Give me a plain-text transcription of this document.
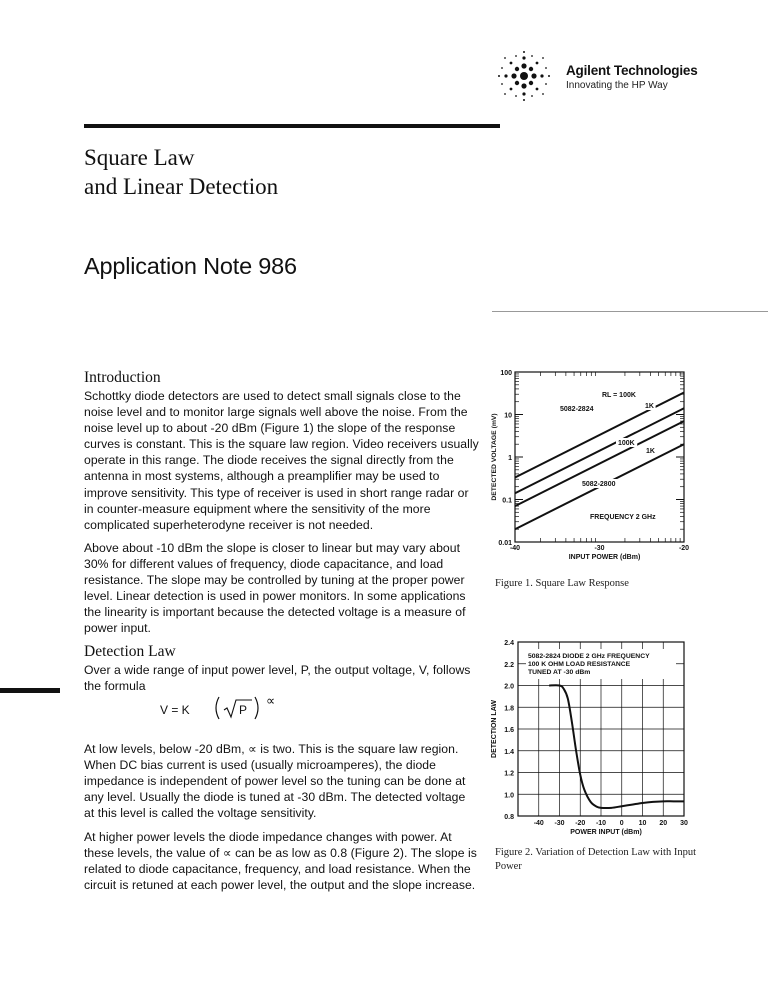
Agilent Technologies
Innovating the HP Way
Square Law
and Linear Detection
Application Note 986
Introduction
Schottky diode detectors are used to detect small signals close to the noise level and to monitor large signals well above the noise. From the noise level up to about -20 dBm (Figure 1) the slope of the response curves is constant. This is the square law region. Video receivers usually operate in this range. The diode receives the signal directly from the antenna in most systems, although a preamplifier may be used to improve sensitivity. This type of receiver is used in short range radar or in counter-measure equipment where the sensitivity of the more complicated superheterodyne receiver is not needed.
Above about -10 dBm the slope is closer to linear but may vary about 30% for different values of frequency, diode capacitance, and load resistance. The slope may be controlled by tuning at the proper power level. Linear detection is used in power monitors. In some applications the linearity is important because the detected voltage is a measure of power input.
Detection Law
Over a wide range of input power level, P, the output voltage, V, follows the formula
V = K	P
∝
At low levels, below -20 dBm, ∝ is two. This is the square law region. When DC bias current is used (usually microamperes), the diode impedance is independent of power level so the tuning can be done at any level. Usually the diode is tuned at -30 dBm. The detected voltage at this level is called the voltage sensitivity.
At higher power levels the diode impedance changes with power. At these levels, the value of ∝ can be as low as 0.8 (Figure 2). The slope is related to diode capacitance, frequency, and load resistance. When the circuit is retuned at each power level, the output and the slope increase.
100
10
1
0.1
0.01
-40	-30	-20
INPUT POWER (dBm)
DETECTED VOLTAGE (mV)
5082-2824
RL = 100K
1K
100K
1K
5082-2800
FREQUENCY 2 GHz
Figure 1. Square Law Response
5082-2824 DIODE 2 GHz FREQUENCY
100 K OHM LOAD RESISTANCE
TUNED AT -30 dBm
2.4
2.2
2.0
1.8
1.6
1.4
1.2
1.0
0.8
-40 -30 -20 -10 0 10 20 30
POWER INPUT (dBm)
DETECTION LAW
Figure 2. Variation of Detection Law with Input Power
